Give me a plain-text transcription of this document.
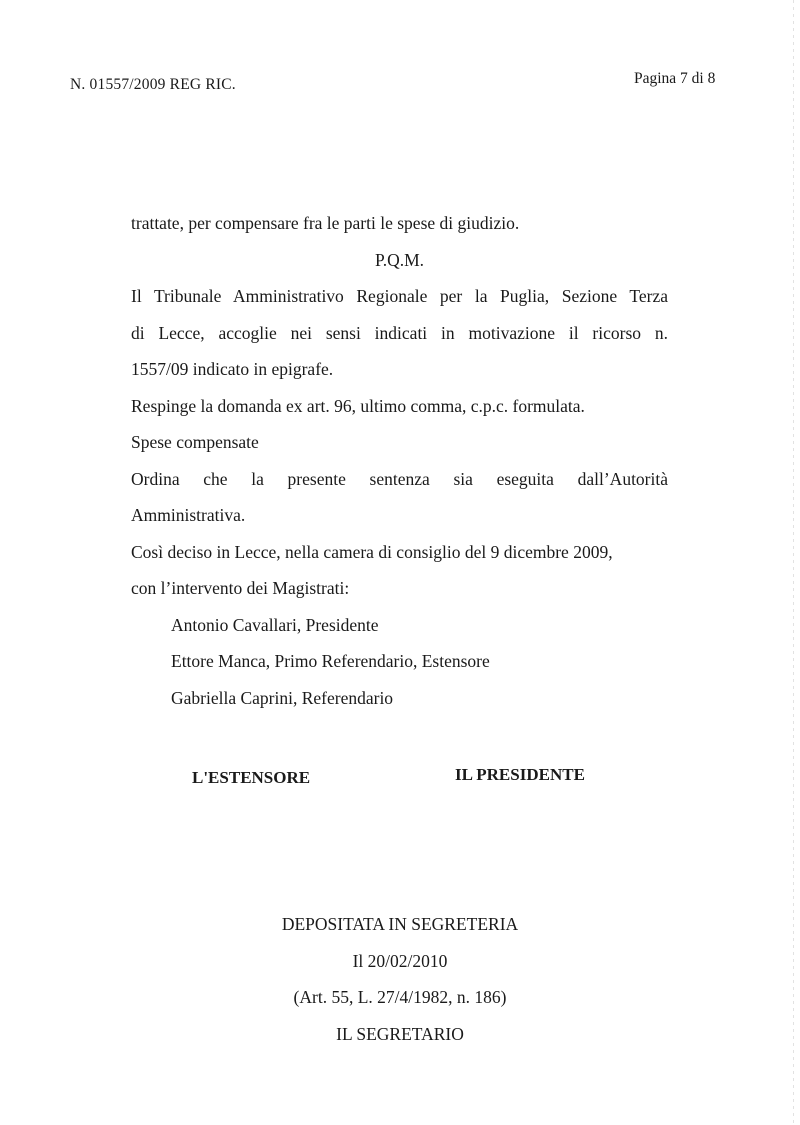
N. 01557/2009 REG RIC.	Pagina 7 di 8
trattate, per compensare fra le parti le spese di giudizio.
P.Q.M.
Il Tribunale Amministrativo Regionale per la Puglia, Sezione Terza
di Lecce, accoglie nei sensi indicati in motivazione il ricorso n.
1557/09 indicato in epigrafe.
Respinge la domanda ex art. 96, ultimo comma, c.p.c. formulata.
Spese compensate
Ordina che la presente sentenza sia eseguita dall’Autorità
Amministrativa.
Così deciso in Lecce, nella camera di consiglio del 9 dicembre 2009,
con l’intervento dei Magistrati:
Antonio Cavallari, Presidente
Ettore Manca, Primo Referendario, Estensore
Gabriella Caprini, Referendario
L'ESTENSORE	IL PRESIDENTE
DEPOSITATA IN SEGRETERIA
Il 20/02/2010
(Art. 55, L. 27/4/1982, n. 186)
IL SEGRETARIO
